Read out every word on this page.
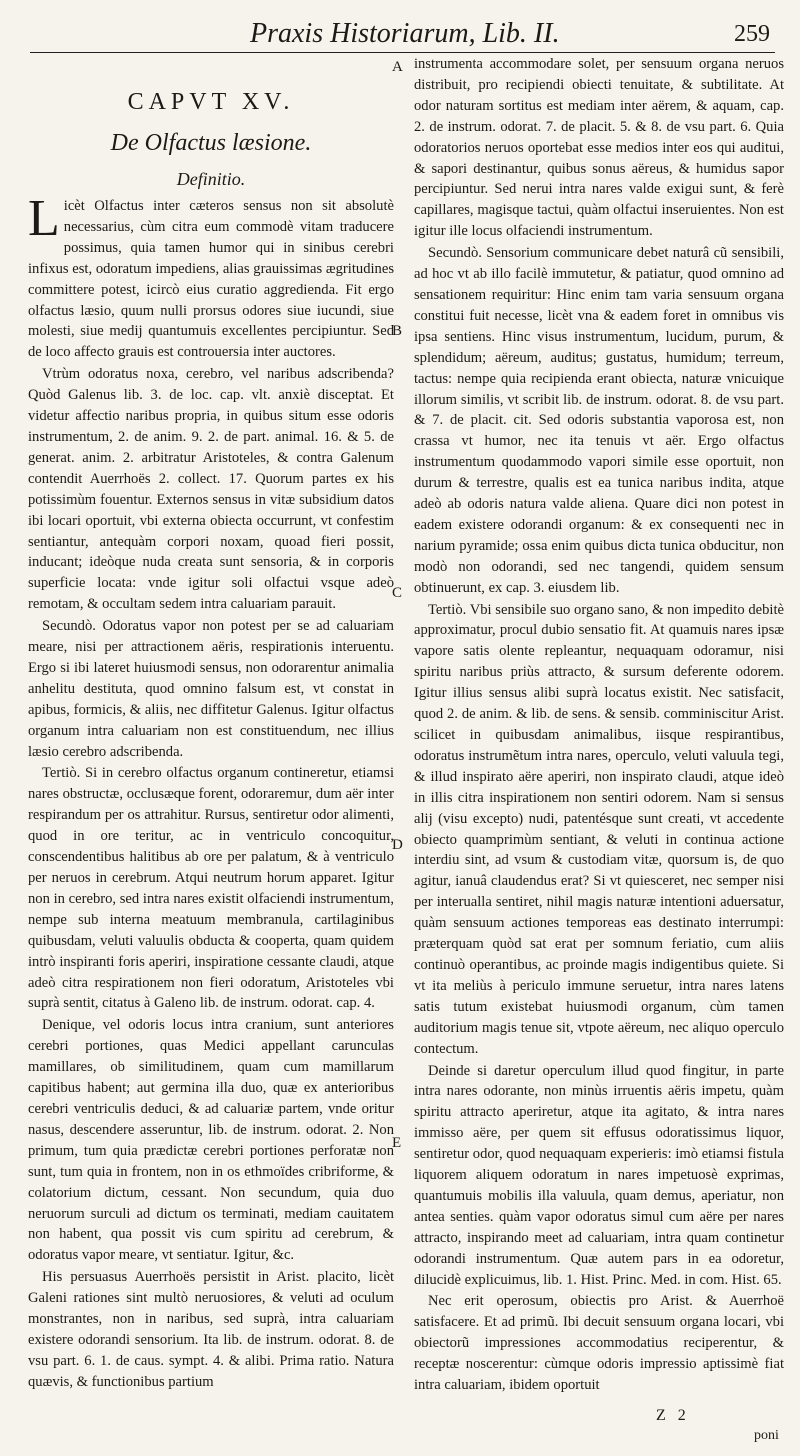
Praxis Historiarum, Lib. II.	259
CAPVT XV.
De Olfactus læsione.
Definitio.

Licèt Olfactus inter cæteros sensus non sit absolutè necessarius, cùm citra eum commodè vitam traducere possimus, quia tamen humor qui in sinibus cerebri infixus est, odoratum impediens, alias grauissimas ægritudines committere potest, icircò eius curatio aggredienda. Fit ergo olfactus læsio, quum nulli prorsus odores siue iucundi, siue molesti, siue medij quantumuis excellentes percipiuntur. Sed de loco affecto grauis est controuersia inter auctores.

Vtrùm odoratus noxa, cerebro, vel naribus adscribenda? Quòd Galenus lib. 3. de loc. cap. vlt. anxiè disceptat. Et videtur affectio naribus propria, in quibus situm esse odoris instrumentum, 2. de anim. 9. 2. de part. animal. 16. & 5. de generat. anim. 2. arbitratur Aristoteles, & contra Galenum contendit Auerrhoës 2. collect. 17. Quorum partes ex his potissimùm fouentur. Externos sensus in vitæ subsidium datos ibi locari oportuit, vbi externa obiecta occurrunt, vt confestim sentiantur, antequàm corpori noxam, quoad fieri possit, inducant; ideòque nuda creata sunt sensoria, & in corporis superficie locata: vnde igitur soli olfactui vsque adeò remotam, & occultam sedem intra caluariam parauit.

Secundò. Odoratus vapor non potest per se ad caluariam meare, nisi per attractionem aëris, respirationis interuentu. Ergo si ibi lateret huiusmodi sensus, non odorarentur animalia anhelitu destituta, quod omnino falsum est, vt constat in apibus, formicis, & aliis, nec diffitetur Galenus. Igitur olfactus organum intra caluariam non est constituendum, nec illius læsio cerebro adscribenda.

Tertiò. Si in cerebro olfactus organum contineretur, etiamsi nares obstructæ, occlusæque forent, odoraremur, dum aër inter respirandum per os attrahitur. Rursus, sentiretur odor alimenti, quod in ore teritur, ac in ventriculo concoquitur, conscendentibus halitibus ab ore per palatum, & à ventriculo per neruos in cerebrum. Atqui neutrum horum apparet. Igitur non in cerebro, sed intra nares existit olfaciendi instrumentum, nempe sub interna meatuum membranula, cartilaginibus quibusdam, veluti valuulis obducta & cooperta, quam quidem intrò inspiranti foris aperiri, inspiratione cessante claudi, atque adeò citra respirationem non fieri odoratum, Aristoteles vbi suprà sentit, citatus à Galeno lib. de instrum. odorat. cap. 4.

Denique, vel odoris locus intra cranium, sunt anteriores cerebri portiones, quas Medici appellant carunculas mamillares, ob similitudinem, quam cum mamillarum capitibus habent; aut germina illa duo, quæ ex anterioribus cerebri ventriculis deduci, & ad caluariæ partem, vnde oritur nasus, descendere asseruntur, lib. de instrum. odorat. 2. Non primum, tum quia prædictæ cerebri portiones perforatæ non sunt, tum quia in frontem, non in os ethmoïdes cribriforme, & colatorium dictum, cessant. Non secundum, quia duo neruorum surculi ad dictum os terminati, mediam cauitatem non habent, qua possit vis cum spiritu ad cerebrum, & odoratus vapor meare, vt sentiatur. Igitur, &c.

His persuasus Auerrhoës persistit in Arist. placito, licèt Galeni rationes sint multò neruosiores, & veluti ad oculum monstrantes, non in naribus, sed suprà, intra caluariam existere odorandi sensorium. Ita lib. de instrum. odorat. 8. de vsu part. 6. 1. de caus. sympt. 4. & alibi. Prima ratio. Natura quævis, & functionibus partium

A
B
C
D
E

instrumenta accommodare solet, per sensuum organa neruos distribuit, pro recipiendi obiecti tenuitate, & subtilitate. At odor naturam sortitus est mediam inter aërem, & aquam, cap. 2. de instrum. odorat. 7. de placit. 5. & 8. de vsu part. 6. Quia odoratorios neruos oportebat esse medios inter eos qui auditui, & sapori destinantur, quibus sonus aëreus, & humidus sapor percipiuntur. Sed nerui intra nares valde exigui sunt, & ferè capillares, magisque tactui, quàm olfactui inseruientes. Non est igitur ille locus olfaciendi instrumentum.

Secundò. Sensorium communicare debet naturâ cũ sensibili, ad hoc vt ab illo facilè immutetur, & patiatur, quod omnino ad sensationem requiritur: Hinc enim tam varia sensuum organa constitui fuit necesse, licèt vna & eadem foret in omnibus vis ipsa sentiens. Hinc visus instrumentum, lucidum, purum, & splendidum; aëreum, auditus; gustatus, humidum; terreum, tactus: nempe quia recipienda erant obiecta, naturæ vnicuique illorum similis, vt scribit lib. de instrum. odorat. 8. de vsu part. & 7. de placit. cit. Sed odoris substantia vaporosa est, non crassa vt humor, nec ita tenuis vt aër. Ergo olfactus instrumentum quodammodo vapori simile esse oportuit, non durum & terrestre, qualis est ea tunica naribus indita, atque adeò ab odoris natura valde aliena. Quare dici non potest in eadem existere odorandi organum: & ex consequenti nec in narium pyramide; ossa enim quibus dicta tunica obducitur, non modò non odorandi, sed nec tangendi, quidem sensum obtinuerunt, ex cap. 3. eiusdem lib.

Tertiò. Vbi sensibile suo organo sano, & non impedito debitè approximatur, procul dubio sensatio fit. At quamuis nares ipsæ vapore satis olente repleantur, nequaquam odoramur, nisi spiritu naribus priùs attracto, & sursum deferente odorem. Igitur illius sensus alibi suprà locatus existit. Nec satisfacit, quod 2. de anim. & lib. de sens. & sensib. comminiscitur Arist. scilicet in quibusdam animalibus, iisque respirantibus, odoratus instrumẽtum intra nares, operculo, veluti valuula tegi, & illud inspirato aëre aperiri, non inspirato claudi, atque ideò in illis citra inspirationem non sentiri odorem. Nam si sensus alij (visu excepto) nudi, patentésque sunt creati, vt accedente obiecto quamprimùm sentiant, & veluti in continua actione interdiu sint, ad vsum & custodiam vitæ, quorsum is, de quo agitur, ianuâ claudendus erat? Si vt quiesceret, nec semper nisi per interualla sentiret, nihil magis naturæ intentioni aduersatur, quàm sensuum actiones temporeas eas destinato interrumpi: præterquam quòd sat erat per somnum feriatio, cum aliis continuò operantibus, ac proinde magis indigentibus quiete. Si vt ita meliùs à periculo immune seruetur, intra nares latens satis tutum existebat huiusmodi organum, cùm tamen auditorium magis tenue sit, vtpote aëreum, nec aliquo operculo contectum.

Deinde si daretur operculum illud quod fingitur, in parte intra nares odorante, non minùs irruentis aëris impetu, quàm spiritu attracto aperiretur, atque ita agitato, & intra nares immisso aëre, per quem sit effusus odoratissimus liquor, sentiretur odor, quod nequaquam experieris: imò etiamsi fistula liquorem aliquem odoratum in nares impetuosè exprimas, quantumuis mobilis illa valuula, quam demus, aperiatur, non antea senties. quàm vapor odoratus simul cum aëre per nares attracto, inspirando meet ad caluariam, intra quam continetur odorandi instrumentum. Quæ autem pars in ea odoretur, dilucidè explicuimus, lib. 1. Hist. Princ. Med. in com. Hist. 65.

Nec erit operosum, obiectis pro Arist. & Auerrhoë satisfacere. Et ad primũ. Ibi decuit sensuum organa locari, vbi obiectorũ impressiones accommodatius reciperentur, & receptæ noscerentur: cùmque odoris impressio aptissimè fiat intra caluariam, ibidem oportuit

Z 2
poni
